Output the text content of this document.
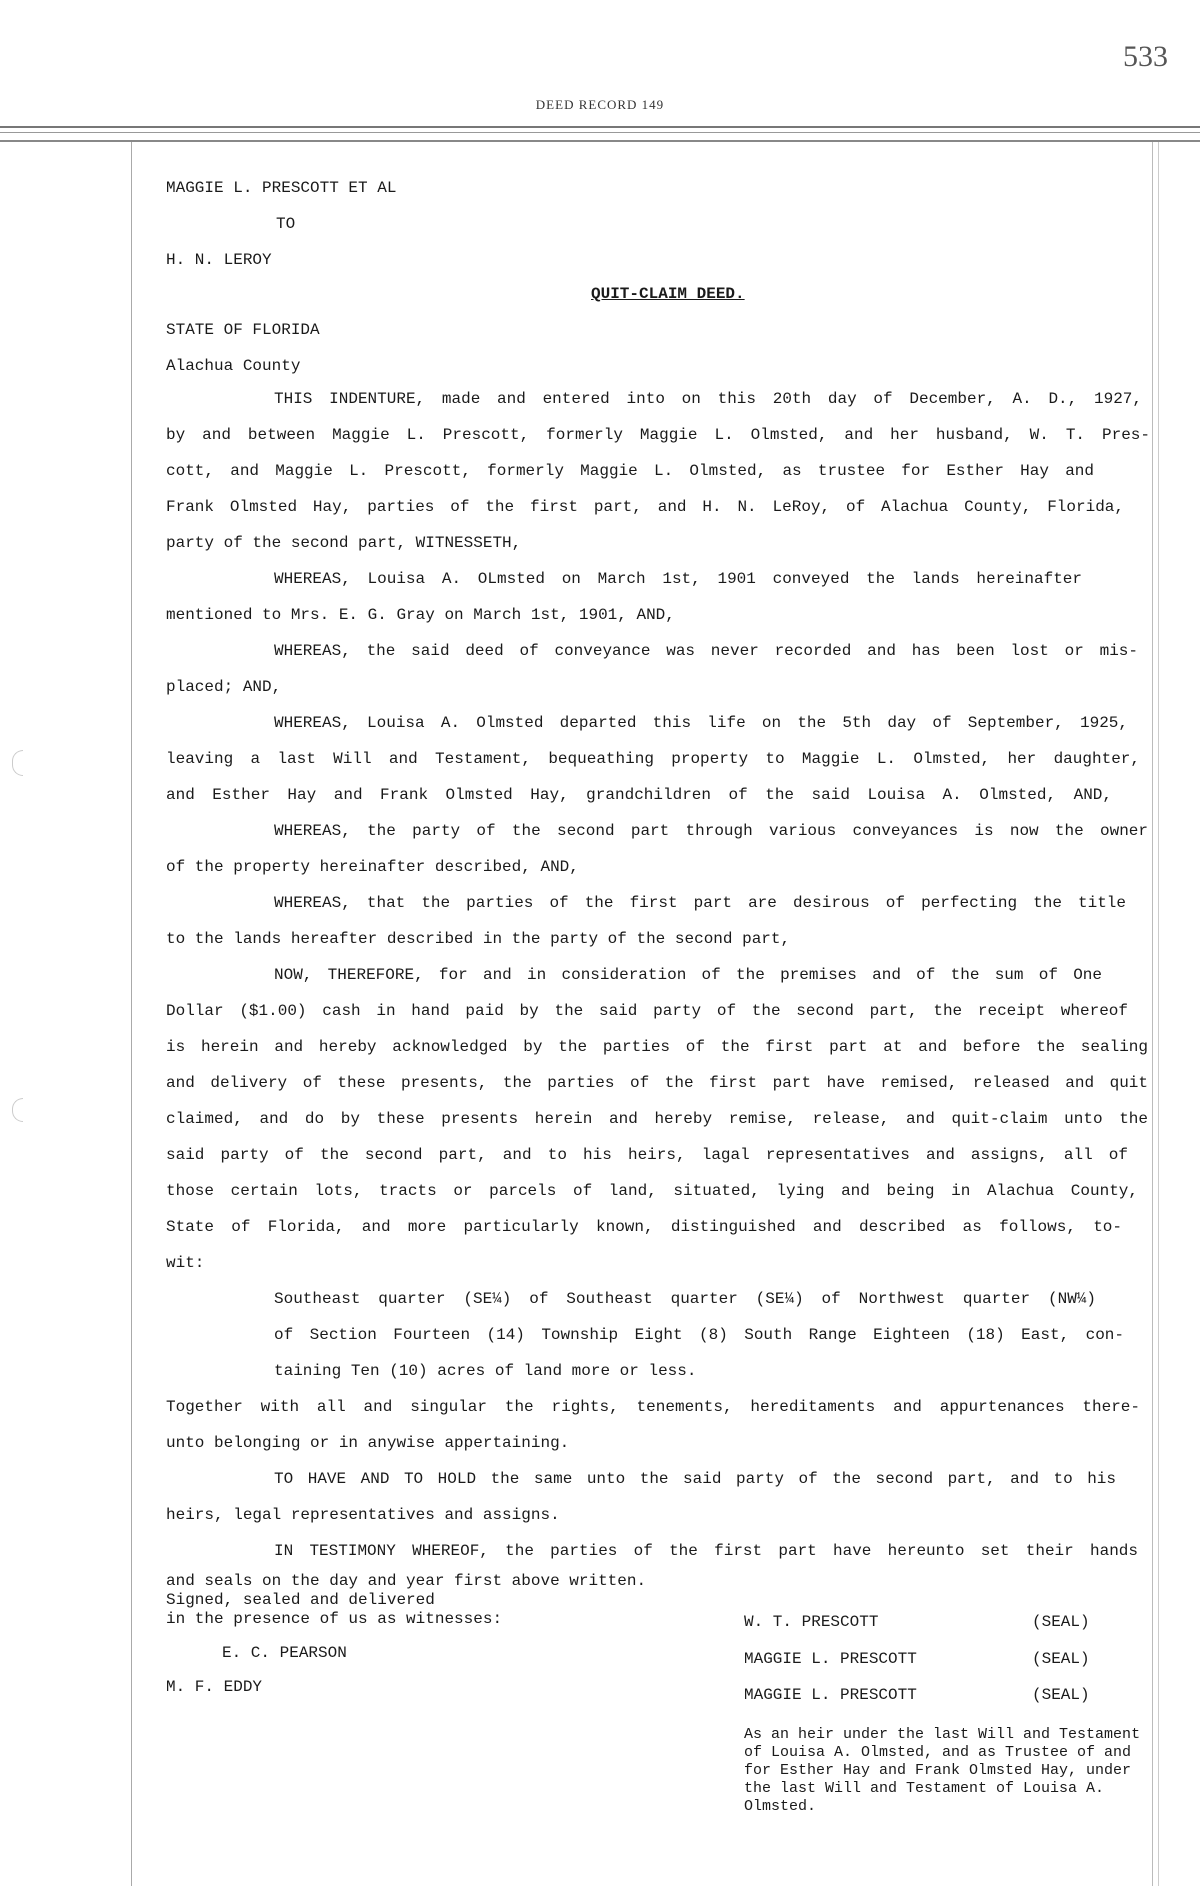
533
DEED RECORD 149
MAGGIE L. PRESCOTT ET AL
TO
H. N. LEROY
QUIT-CLAIM DEED.
STATE OF FLORIDA
Alachua County
THIS INDENTURE, made and entered into on this 20th day of December, A. D., 1927,
by and between Maggie L. Prescott, formerly Maggie L. Olmsted, and her husband, W. T. Pres-
cott, and Maggie L. Prescott, formerly Maggie L. Olmsted, as trustee for Esther Hay and
Frank Olmsted Hay, parties of the first part, and H. N. LeRoy, of Alachua County, Florida,
party of the second part, WITNESSETH,
WHEREAS, Louisa A. OLmsted on March 1st, 1901 conveyed the lands hereinafter
mentioned to Mrs. E. G. Gray on March 1st, 1901, AND,
WHEREAS, the said deed of conveyance was never recorded and has been lost or mis-
placed; AND,
WHEREAS, Louisa A. Olmsted departed this life on the 5th day of September, 1925,
leaving a last Will and Testament, bequeathing property to Maggie L. Olmsted, her daughter,
and Esther Hay and Frank Olmsted Hay, grandchildren of the said Louisa A. Olmsted, AND,
WHEREAS, the party of the second part through various conveyances is now the owner
of the property hereinafter described, AND,
WHEREAS, that the parties of the first part are desirous of perfecting the title
to the lands hereafter described in the party of the second part,
NOW, THEREFORE, for and in consideration of the premises and of the sum of One
Dollar ($1.00) cash in hand paid by the said party of the second part, the receipt whereof
is herein and hereby acknowledged by the parties of the first part at and before the sealing
and delivery of these presents, the parties of the first part have remised, released and quit
claimed, and do by these presents herein and hereby remise, release, and quit-claim unto the
said party of the second part, and to his heirs, lagal representatives and assigns, all of
those certain lots, tracts or parcels of land, situated, lying and being in Alachua County,
State of Florida, and more particularly known, distinguished and described as follows, to-
wit:
Southeast quarter (SE¼) of Southeast quarter (SE¼) of Northwest quarter (NW¼)
of Section Fourteen (14) Township Eight (8) South Range Eighteen (18) East, con-
taining Ten (10) acres of land more or less.
Together with all and singular the rights, tenements, hereditaments and appurtenances there-
unto belonging or in anywise appertaining.
TO HAVE AND TO HOLD the same unto the said party of the second part, and to his
heirs, legal representatives and assigns.
IN TESTIMONY WHEREOF, the parties of the first part have hereunto set their hands
and seals on the day and year first above written.
Signed, sealed and delivered
in the presence of us as witnesses:
E. C. PEARSON
M. F. EDDY
W. T. PRESCOTT	(SEAL)
MAGGIE L. PRESCOTT	(SEAL)
MAGGIE L. PRESCOTT	(SEAL)
As an heir under the last Will and Testament of Louisa A. Olmsted, and as Trustee of and for Esther Hay and Frank Olmsted Hay, under the last Will and Testament of Louisa A. Olmsted.
